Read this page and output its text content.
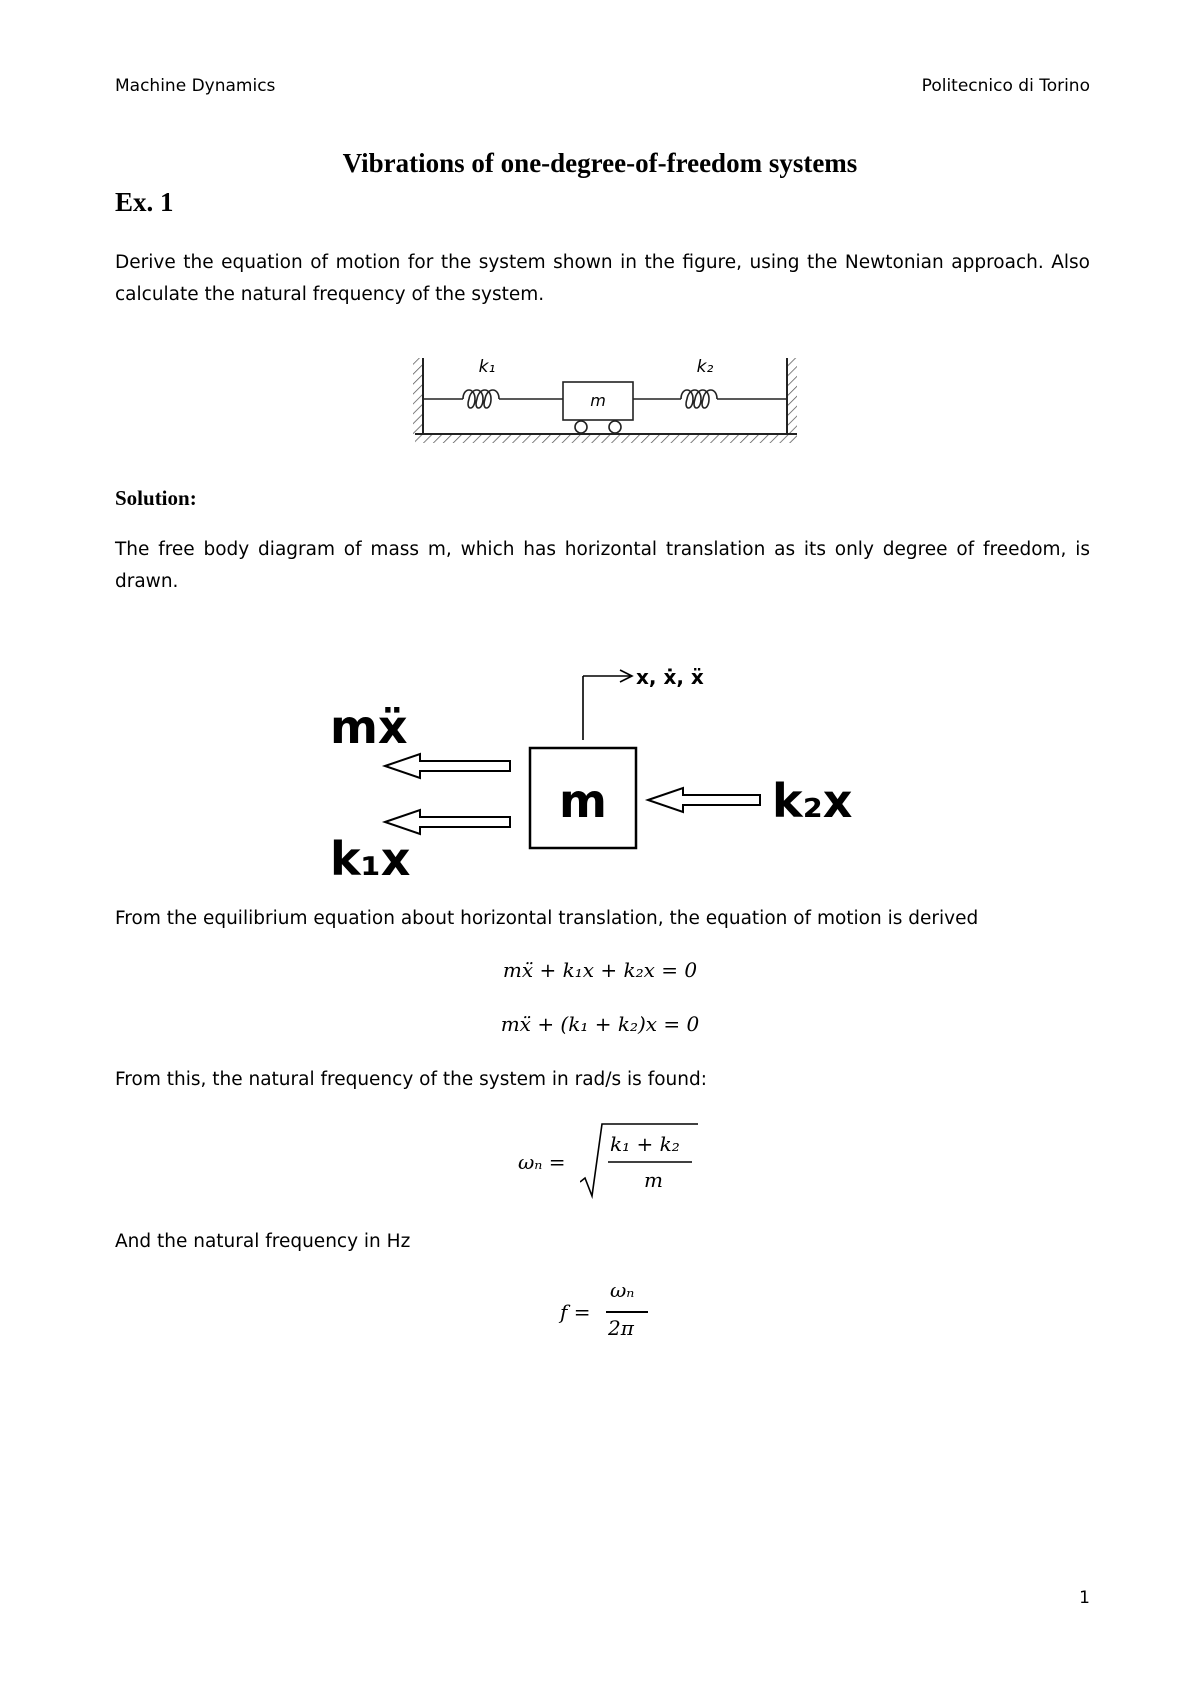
Machine Dynamics	Politecnico di Torino
Vibrations of one-degree-of-freedom systems
Ex. 1
Derive the equation of motion for the system shown in the figure, using the Newtonian approach. Also calculate the natural frequency of the system.
k₁	k₂
m
Solution:
The free body diagram of mass m, which has horizontal translation as its only degree of freedom, is drawn.
x, ẋ, ẍ
m
mẍ
k₁x
k₂x
From the equilibrium equation about horizontal translation, the equation of motion is derived
mẍ + k₁x + k₂x = 0
mẍ + (k₁ + k₂)x = 0
From this, the natural frequency of the system in rad/s is found:
ωₙ =
k₁ + k₂
m
And the natural frequency in Hz
f =
ωₙ
2π
1
